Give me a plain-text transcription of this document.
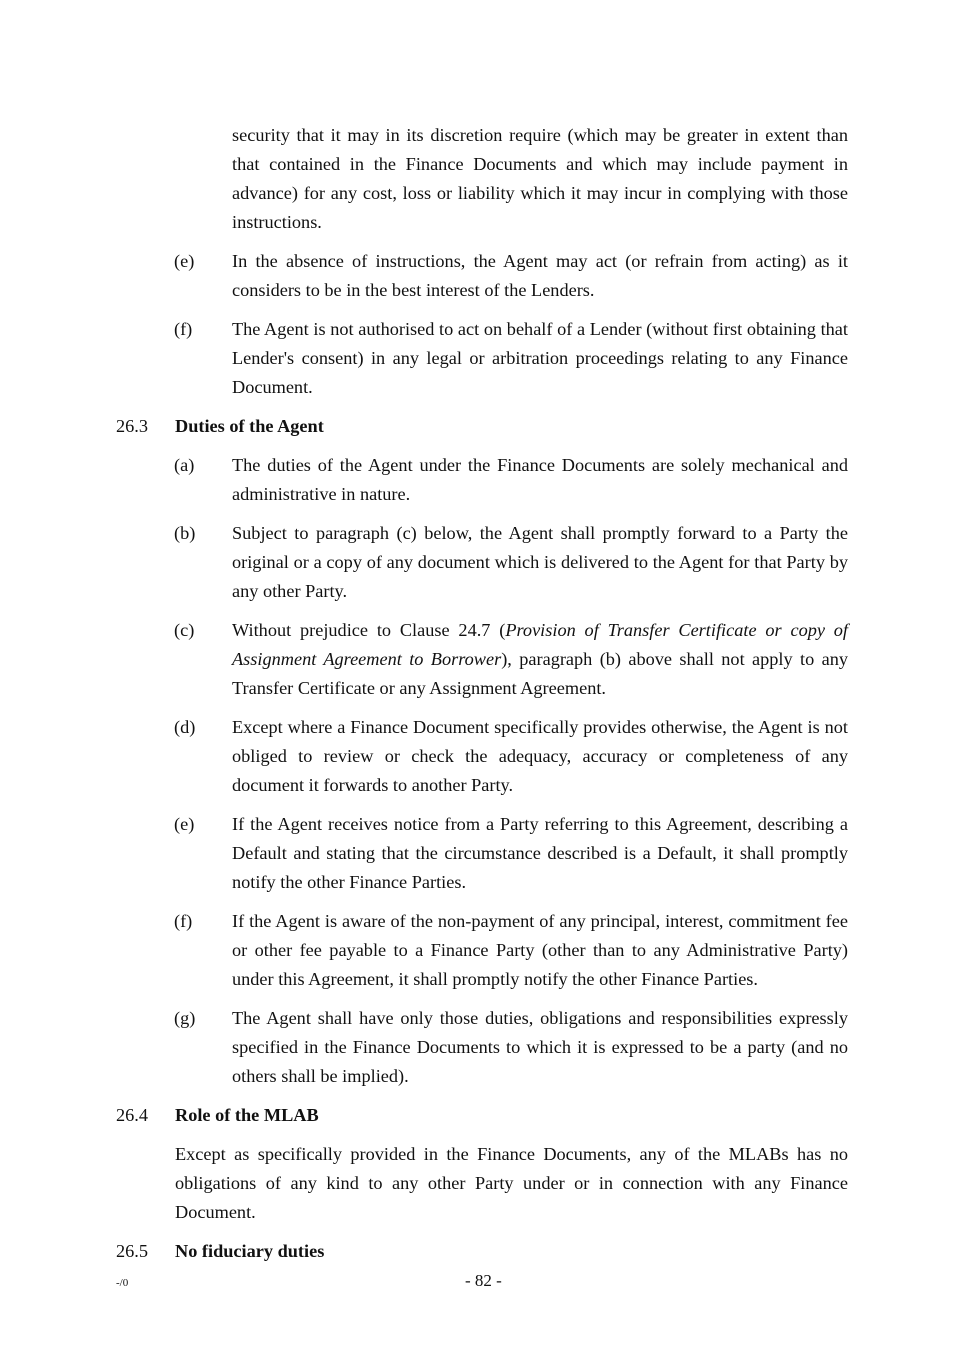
security that it may in its discretion require (which may be greater in extent than that contained in the Finance Documents and which may include payment in advance) for any cost, loss or liability which it may incur in complying with those instructions.
(e) In the absence of instructions, the Agent may act (or refrain from acting) as it considers to be in the best interest of the Lenders.
(f) The Agent is not authorised to act on behalf of a Lender (without first obtaining that Lender's consent) in any legal or arbitration proceedings relating to any Finance Document.
26.3 Duties of the Agent
(a) The duties of the Agent under the Finance Documents are solely mechanical and administrative in nature.
(b) Subject to paragraph (c) below, the Agent shall promptly forward to a Party the original or a copy of any document which is delivered to the Agent for that Party by any other Party.
(c) Without prejudice to Clause 24.7 (Provision of Transfer Certificate or copy of Assignment Agreement to Borrower), paragraph (b) above shall not apply to any Transfer Certificate or any Assignment Agreement.
(d) Except where a Finance Document specifically provides otherwise, the Agent is not obliged to review or check the adequacy, accuracy or completeness of any document it forwards to another Party.
(e) If the Agent receives notice from a Party referring to this Agreement, describing a Default and stating that the circumstance described is a Default, it shall promptly notify the other Finance Parties.
(f) If the Agent is aware of the non-payment of any principal, interest, commitment fee or other fee payable to a Finance Party (other than to any Administrative Party) under this Agreement, it shall promptly notify the other Finance Parties.
(g) The Agent shall have only those duties, obligations and responsibilities expressly specified in the Finance Documents to which it is expressed to be a party (and no others shall be implied).
26.4 Role of the MLAB
Except as specifically provided in the Finance Documents, any of the MLABs has no obligations of any kind to any other Party under or in connection with any Finance Document.
26.5 No fiduciary duties
-/0	- 82 -
